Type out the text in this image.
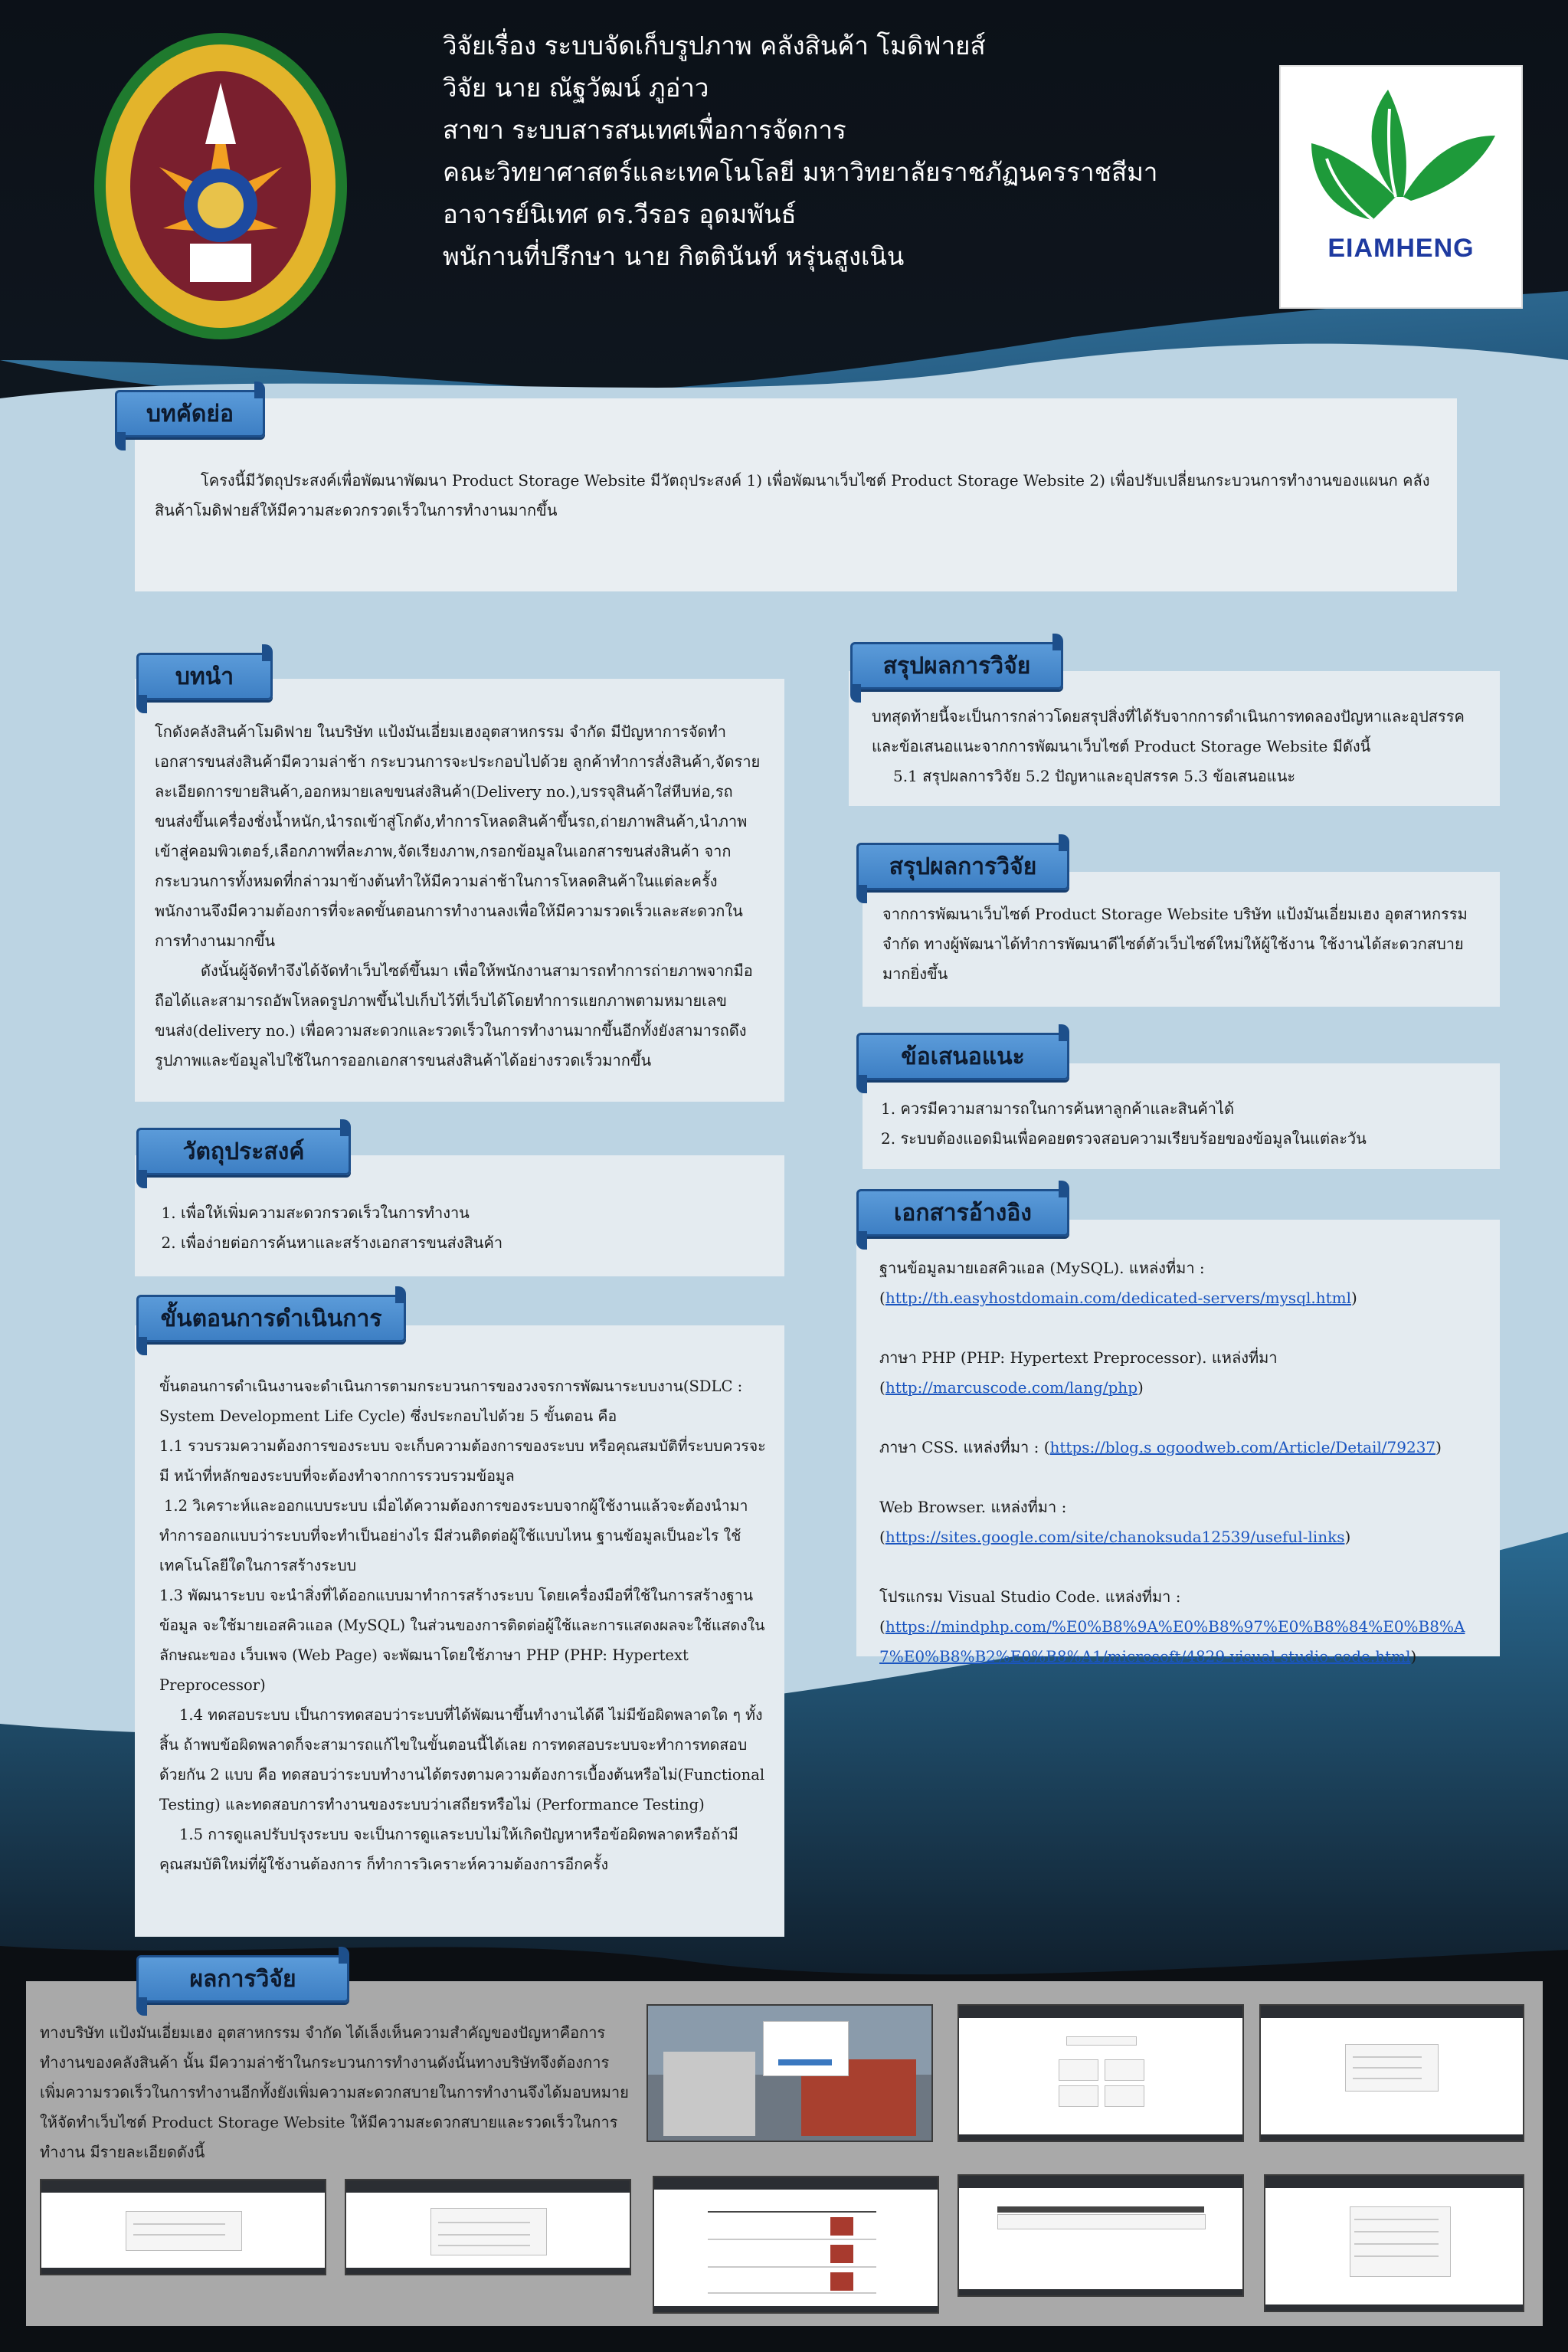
วิจัยเรื่อง ระบบจัดเก็บรูปภาพ คลังสินค้า โมดิฟายส์
วิจัย นาย ณัฐวัฒน์ ภูอ่าว
สาขา ระบบสารสนเทศเพื่อการจัดการ
คณะวิทยาศาสตร์และเทคโนโลยี มหาวิทยาลัยราชภัฏนครราชสีมา
อาจารย์นิเทศ ดร.วีรอร อุดมพันธ์
พนักานที่ปรึกษา นาย กิตตินันท์ หรุ่นสูงเนิน	EIAMHENG

โครงนี้มีวัตถุประสงค์เพื่อพัฒนาพัฒนา Product Storage Website มีวัตถุประสงค์ 1) เพื่อพัฒนาเว็บไซต์ Product Storage Website 2) เพื่อปรับเปลี่ยนกระบวนการทำงานของแผนก คลังสินค้าโมดิฟายส์ให้มีความสะดวกรวดเร็วในการทำงานมากขึ้น

บทคัดย่อ

โกดังคลังสินค้าโมดิฟาย ในบริษัท แป้งมันเอี่ยมเฮงอุตสาหกรรม จำกัด มีปัญหาการจัดทำเอกสารขนส่งสินค้ามีความล่าช้า กระบวนการจะประกอบไปด้วย ลูกค้าทำการสั่งสินค้า,จัดรายละเอียดการขายสินค้า,ออกหมายเลขขนส่งสินค้า(Delivery no.),บรรจุสินค้าใส่หีบห่อ,รถขนส่งขึ้นเครื่องชั่งน้ำหนัก,นำรถเข้าสู่โกดัง,ทำการโหลดสินค้าขึ้นรถ,ถ่ายภาพสินค้า,นำภาพเข้าสู่คอมพิวเตอร์,เลือกภาพที่ละภาพ,จัดเรียงภาพ,กรอกข้อมูลในเอกสารขนส่งสินค้า จากกระบวนการทั้งหมดที่กล่าวมาข้างต้นทำให้มีความล่าช้าในการโหลดสินค้าในแต่ละครั้งพนักงานจึงมีความต้องการที่จะลดขั้นตอนการทำงานลงเพื่อให้มีความรวดเร็วและสะดวกในการทำงานมากขึ้น

ดังนั้นผู้จัดทำจึงได้จัดทำเว็บไซต์ขึ้นมา เพื่อให้พนักงานสามารถทำการถ่ายภาพจากมือถือได้และสามารถอัพโหลดรูปภาพขึ้นไปเก็บไว้ที่เว็บได้โดยทำการแยกภาพตามหมายเลขขนส่ง(delivery no.) เพื่อความสะดวกและรวดเร็วในการทำงานมากขึ้นอีกทั้งยังสามารถดึงรูปภาพและข้อมูลไปใช้ในการออกเอกสารขนส่งสินค้าได้อย่างรวดเร็วมากขึ้น

บทนำ
1. เพื่อให้เพิ่มความสะดวกรวดเร็วในการทำงาน
2. เพื่อง่ายต่อการค้นหาและสร้างเอกสารขนส่งสินค้า
วัตถุประสงค์

ขั้นตอนการดำเนินงานจะดำเนินการตามกระบวนการของวงจรการพัฒนาระบบงาน(SDLC : System Development Life Cycle) ซึ่งประกอบไปด้วย 5 ขั้นตอน คือ

1.1 รวบรวมความต้องการของระบบ จะเก็บความต้องการของระบบ หรือคุณสมบัติที่ระบบควรจะมี หน้าที่หลักของระบบที่จะต้องทำจากการรวบรวมข้อมูล

1.2 วิเคราะห์และออกแบบระบบ เมื่อได้ความต้องการของระบบจากผู้ใช้งานแล้วจะต้องนำมาทำการออกแบบว่าระบบที่จะทำเป็นอย่างไร มีส่วนติดต่อผู้ใช้แบบไหน ฐานข้อมูลเป็นอะไร ใช้เทคโนโลยีใดในการสร้างระบบ

1.3 พัฒนาระบบ จะนำสิ่งที่ได้ออกแบบมาทำการสร้างระบบ โดยเครื่องมือที่ใช้ในการสร้างฐานข้อมูล จะใช้มายเอสคิวแอล (MySQL) ในส่วนของการติดต่อผู้ใช้และการแสดงผลจะใช้แสดงในลักษณะของ เว็บเพจ (Web Page) จะพัฒนาโดยใช้ภาษา PHP (PHP: Hypertext Preprocessor)

1.4 ทดสอบระบบ เป็นการทดสอบว่าระบบที่ได้พัฒนาขึ้นทำงานได้ดี ไม่มีข้อผิดพลาดใด ๆ ทั้งสิ้น ถ้าพบข้อผิดพลาดก็จะสามารถแก้ไขในขั้นตอนนี้ได้เลย การทดสอบระบบจะทำการทดสอบด้วยกัน 2 แบบ คือ ทดสอบว่าระบบทำงานได้ตรงตามความต้องการเบื้องต้นหรือไม่(Functional Testing) และทดสอบการทำงานของระบบว่าเสถียรหรือไม่ (Performance Testing)

1.5 การดูแลปรับปรุงระบบ จะเป็นการดูแลระบบไม่ให้เกิดปัญหาหรือข้อผิดพลาดหรือถ้ามีคุณสมบัติใหม่ที่ผู้ใช้งานต้องการ ก็ทำการวิเคราะห์ความต้องการอีกครั้ง

ขั้นตอนการดำเนินการ

บทสุดท้ายนี้จะเป็นการกล่าวโดยสรุปสิ่งที่ได้รับจากการดำเนินการทดลองปัญหาและอุปสรรคและข้อเสนอแนะจากการพัฒนาเว็บไซต์ Product Storage Website มีดังนี้

5.1 สรุปผลการวิจัย 5.2 ปัญหาและอุปสรรค 5.3 ข้อเสนอแนะ

สรุปผลการวิจัย

จากการพัฒนาเว็บไซต์ Product Storage Website บริษัท แป้งมันเอี่ยมเฮง อุตสาหกรรม จำกัด ทางผู้พัฒนาได้ทำการพัฒนาดีไซต์ตัวเว็บไซต์ใหม่ให้ผู้ใช้งาน ใช้งานได้สะดวกสบายมากยิ่งขึ้น

สรุปผลการวิจัย

1. ควรมีความสามารถในการค้นหาลูกค้าและสินค้าได้

2. ระบบต้องแอดมินเพื่อคอยตรวจสอบความเรียบร้อยของข้อมูลในแต่ละวัน

ข้อเสนอแนะ

ฐานข้อมูลมายเอสคิวแอล (MySQL). แหล่งที่มา :

(http://th.easyhostdomain.com/dedicated-servers/mysql.html)

ภาษา PHP (PHP: Hypertext Preprocessor). แหล่งที่มา (http://marcuscode.com/lang/php)

ภาษา CSS. แหล่งที่มา : (https://blog.s ogoodweb.com/Article/Detail/79237)

Web Browser. แหล่งที่มา :

(https://sites.google.com/site/chanoksuda12539/useful-links)

โปรแกรม Visual Studio Code. แหล่งที่มา :

(https://mindphp.com/%E0%B8%9A%E0%B8%97%E0%B8%84%E0%B8%A7%E0%B8%B2%E0%B8%A1/microsoft/4829-visual-studio-code.html)

เอกสารอ้างอิง
ผลการวิจัย
ทางบริษัท แป้งมันเอี่ยมเฮง อุตสาหกรรม จำกัด ได้เล็งเห็นความสำคัญของปัญหาคือการทำงานของคลังสินค้า นั้น มีความล่าช้าในกระบวนการทำงานดังนั้นทางบริษัทจึงต้องการเพิ่มความรวดเร็วในการทำงานอีกทั้งยังเพิ่มความสะดวกสบายในการทำงานจึงได้มอบหมายให้จัดทำเว็บไซต์ Product Storage Website ให้มีความสะดวกสบายและรวดเร็วในการทำงาน มีรายละเอียดดังนี้
